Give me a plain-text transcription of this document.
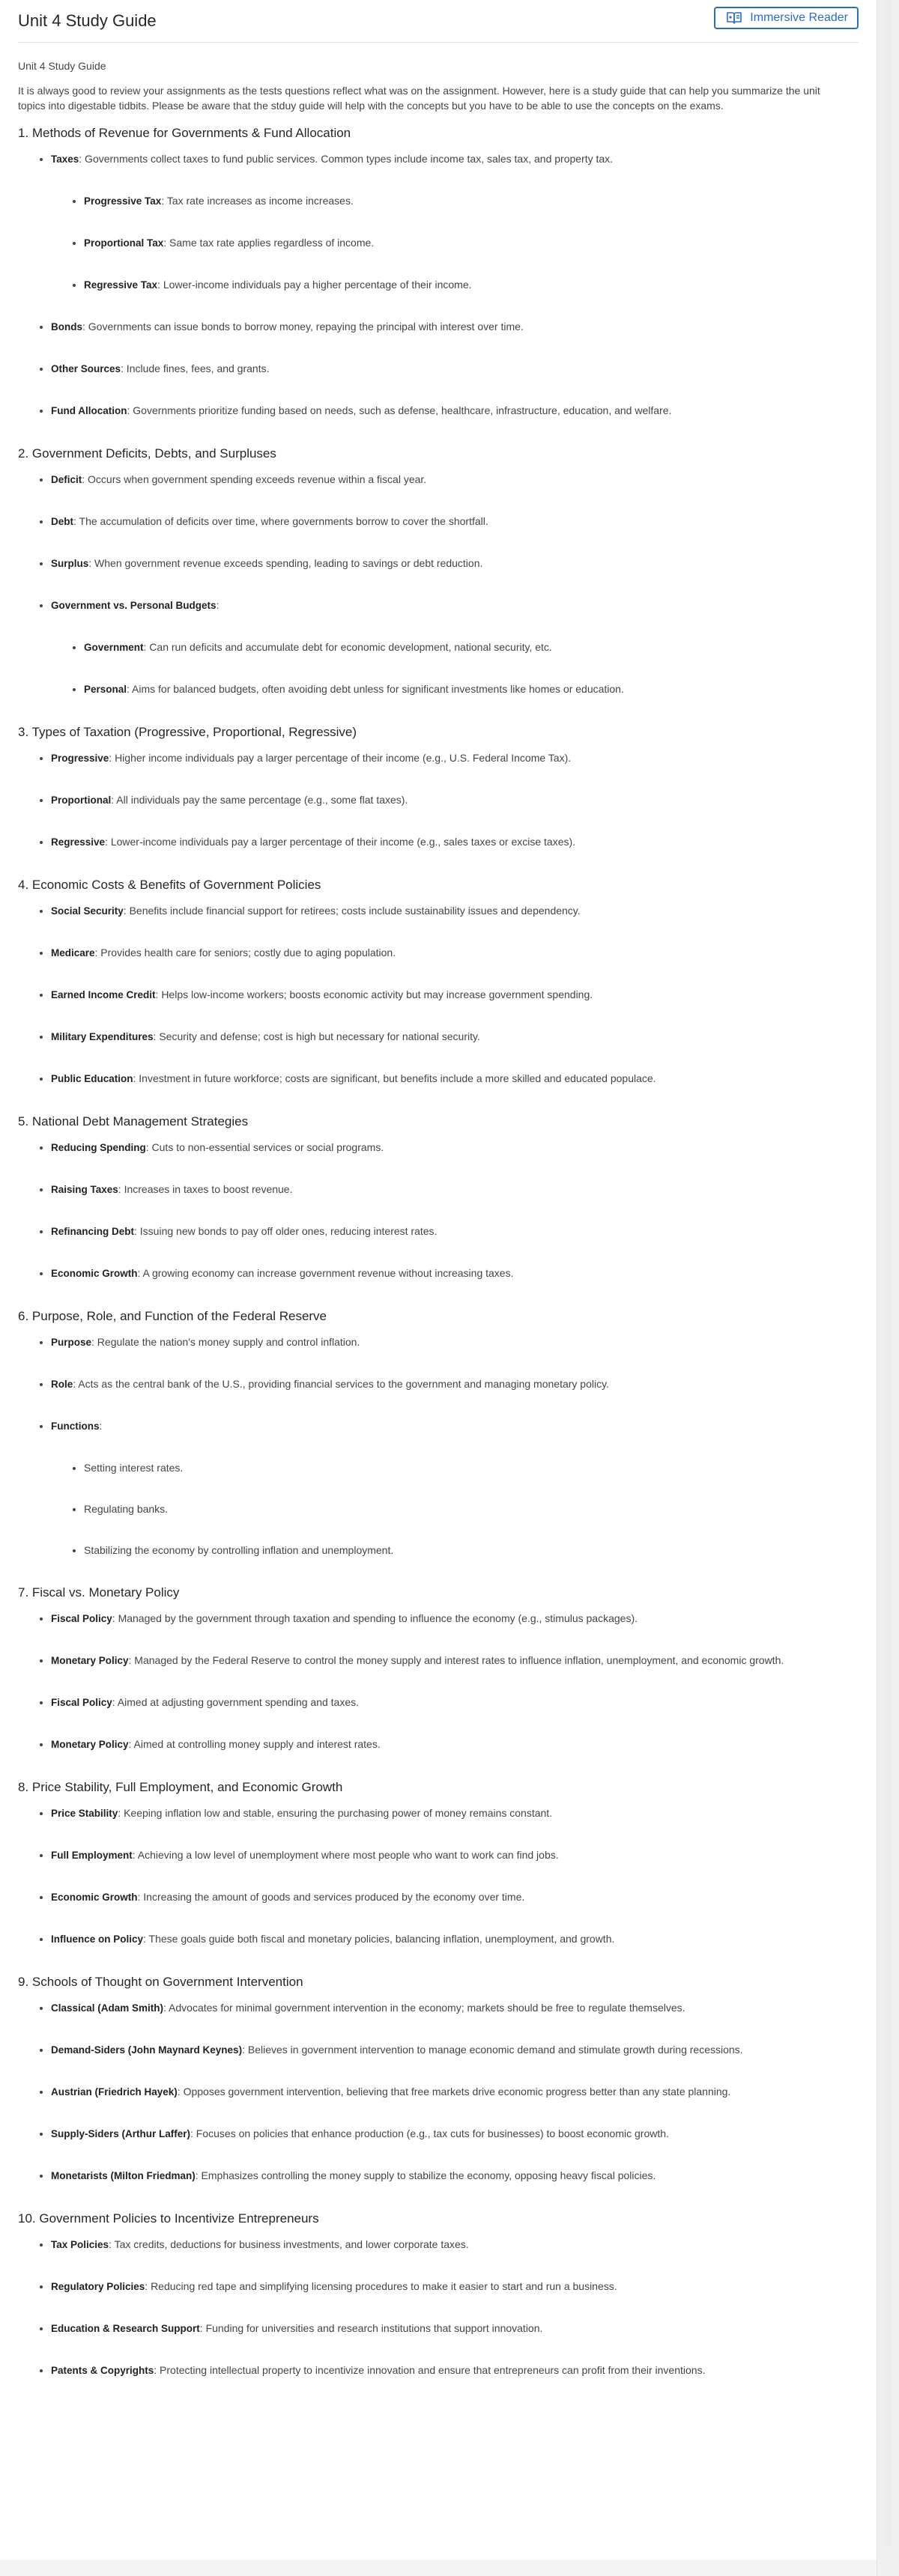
Unit 4 Study Guide	Immersive Reader
Unit 4 Study Guide

It is always good to review your assignments as the tests questions reflect what was on the assignment. However, here is a study guide that can help you summarize the unit topics into digestable tidbits. Please be aware that the stduy guide will help with the concepts but you have to be able to use the concepts on the exams.

1. Methods of Revenue for Governments & Fund Allocation
• Taxes: Governments collect taxes to fund public services. Common types include income tax, sales tax, and property tax.
• Progressive Tax: Tax rate increases as income increases.
• Proportional Tax: Same tax rate applies regardless of income.
• Regressive Tax: Lower-income individuals pay a higher percentage of their income.
• Bonds: Governments can issue bonds to borrow money, repaying the principal with interest over time.
• Other Sources: Include fines, fees, and grants.
• Fund Allocation: Governments prioritize funding based on needs, such as defense, healthcare, infrastructure, education, and welfare.
2. Government Deficits, Debts, and Surpluses
• Deficit: Occurs when government spending exceeds revenue within a fiscal year.
• Debt: The accumulation of deficits over time, where governments borrow to cover the shortfall.
• Surplus: When government revenue exceeds spending, leading to savings or debt reduction.
• Government vs. Personal Budgets:
• Government: Can run deficits and accumulate debt for economic development, national security, etc.
• Personal: Aims for balanced budgets, often avoiding debt unless for significant investments like homes or education.
3. Types of Taxation (Progressive, Proportional, Regressive)
• Progressive: Higher income individuals pay a larger percentage of their income (e.g., U.S. Federal Income Tax).
• Proportional: All individuals pay the same percentage (e.g., some flat taxes).
• Regressive: Lower-income individuals pay a larger percentage of their income (e.g., sales taxes or excise taxes).
4. Economic Costs & Benefits of Government Policies
• Social Security: Benefits include financial support for retirees; costs include sustainability issues and dependency.
• Medicare: Provides health care for seniors; costly due to aging population.
• Earned Income Credit: Helps low-income workers; boosts economic activity but may increase government spending.
• Military Expenditures: Security and defense; cost is high but necessary for national security.
• Public Education: Investment in future workforce; costs are significant, but benefits include a more skilled and educated populace.
5. National Debt Management Strategies
• Reducing Spending: Cuts to non-essential services or social programs.
• Raising Taxes: Increases in taxes to boost revenue.
• Refinancing Debt: Issuing new bonds to pay off older ones, reducing interest rates.
• Economic Growth: A growing economy can increase government revenue without increasing taxes.
6. Purpose, Role, and Function of the Federal Reserve
• Purpose: Regulate the nation's money supply and control inflation.
• Role: Acts as the central bank of the U.S., providing financial services to the government and managing monetary policy.
• Functions:
• Setting interest rates.
• Regulating banks.
• Stabilizing the economy by controlling inflation and unemployment.
7. Fiscal vs. Monetary Policy
• Fiscal Policy: Managed by the government through taxation and spending to influence the economy (e.g., stimulus packages).
• Monetary Policy: Managed by the Federal Reserve to control the money supply and interest rates to influence inflation, unemployment, and economic growth.
• Fiscal Policy: Aimed at adjusting government spending and taxes.
• Monetary Policy: Aimed at controlling money supply and interest rates.
8. Price Stability, Full Employment, and Economic Growth
• Price Stability: Keeping inflation low and stable, ensuring the purchasing power of money remains constant.
• Full Employment: Achieving a low level of unemployment where most people who want to work can find jobs.
• Economic Growth: Increasing the amount of goods and services produced by the economy over time.
• Influence on Policy: These goals guide both fiscal and monetary policies, balancing inflation, unemployment, and growth.
9. Schools of Thought on Government Intervention
• Classical (Adam Smith): Advocates for minimal government intervention in the economy; markets should be free to regulate themselves.
• Demand-Siders (John Maynard Keynes): Believes in government intervention to manage economic demand and stimulate growth during recessions.
• Austrian (Friedrich Hayek): Opposes government intervention, believing that free markets drive economic progress better than any state planning.
• Supply-Siders (Arthur Laffer): Focuses on policies that enhance production (e.g., tax cuts for businesses) to boost economic growth.
• Monetarists (Milton Friedman): Emphasizes controlling the money supply to stabilize the economy, opposing heavy fiscal policies.
10. Government Policies to Incentivize Entrepreneurs
• Tax Policies: Tax credits, deductions for business investments, and lower corporate taxes.
• Regulatory Policies: Reducing red tape and simplifying licensing procedures to make it easier to start and run a business.
• Education & Research Support: Funding for universities and research institutions that support innovation.
• Patents & Copyrights: Protecting intellectual property to incentivize innovation and ensure that entrepreneurs can profit from their inventions.
